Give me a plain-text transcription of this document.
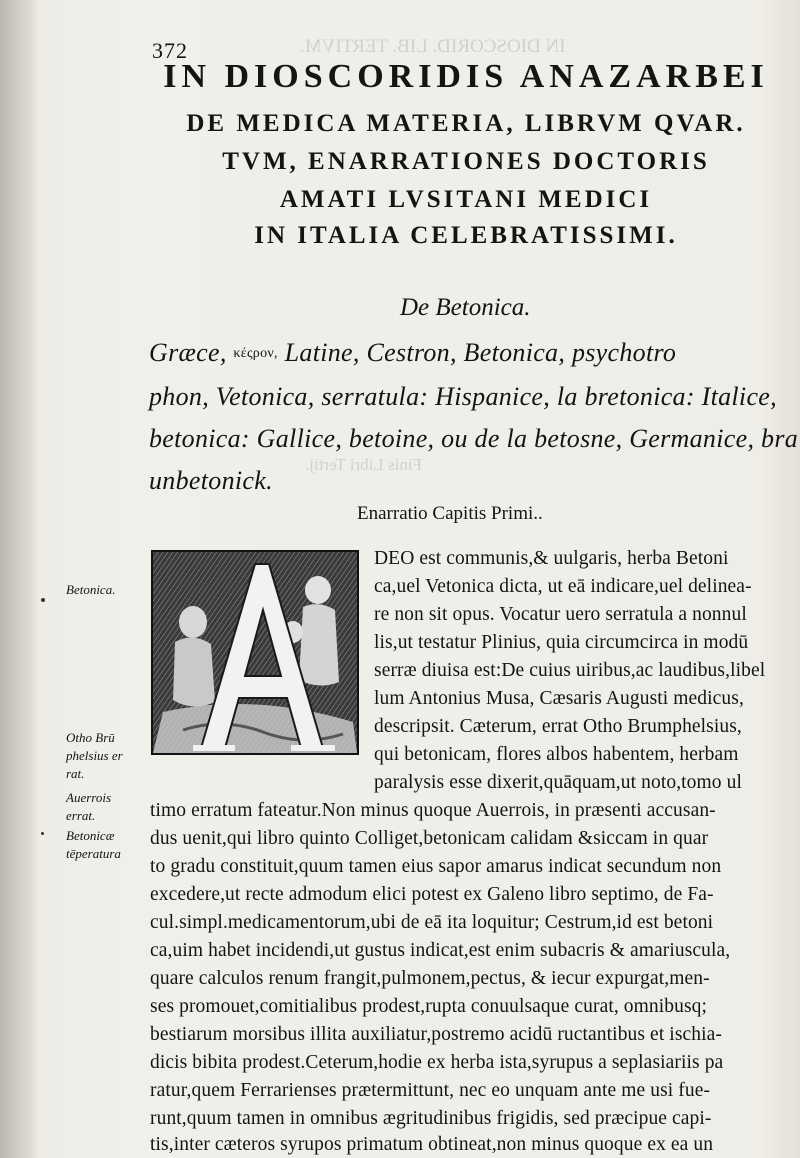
IN DIOSCORID. LIB. TERTIVM.
Finis Libri Tertij.
372
IN DIOSCORIDIS ANAZARBEI
DE MEDICA MATERIA, LIBRVM QVAR.
TVM, ENARRATIONES DOCTORIS
AMATI LVSITANI MEDICI
IN ITALIA CELEBRATISSIMI.
De Betonica.
Græce, κέςρον, Latine, Cestron, Betonica, psychotro
phon, Vetonica, serratula: Hispanice, la bretonica: Italice,
betonica: Gallice, betoine, ou de la betosne, Germanice, bra
unbetonick.
Enarratio Capitis Primi..
DEO est communis,& uulgaris, herba Betoni
ca,uel Vetonica dicta, ut eā indicare,uel delinea-
re non sit opus. Vocatur uero serratula a nonnul
lis,ut testatur Plinius, quia circumcirca in modū
serræ diuisa est:De cuius uiribus,ac laudibus,libel
lum Antonius Musa, Cæsaris Augusti medicus,
descripsit. Cæterum, errat Otho Brumphelsius,
qui betonicam, flores albos habentem, herbam
paralysis esse dixerit,quāquam,ut noto,tomo ul
timo erratum fateatur.Non minus quoque Auerrois, in præsenti accusan-
dus uenit,qui libro quinto Colliget,betonicam calidam &siccam in quar
to gradu constituit,quum tamen eius sapor amarus indicat secundum non
excedere,ut recte admodum elici potest ex Galeno libro septimo, de Fa-
cul.simpl.medicamentorum,ubi de eā ita loquitur; Cestrum,id est betoni
ca,uim habet incidendi,ut gustus indicat,est enim subacris & amariuscula,
quare calculos renum frangit,pulmonem,pectus, & iecur expurgat,men-
ses promouet,comitialibus prodest,rupta conuulsaque curat, omnibusq;
bestiarum morsibus illita auxiliatur,postremo acidū ructantibus et ischia-
dicis bibita prodest.Ceterum,hodie ex herba ista,syrupus a seplasiariis pa
ratur,quem Ferrarienses prætermittunt, nec eo unquam ante me usi fue-
runt,quum tamen in omnibus ægritudinibus frigidis, sed præcipue capi-
tis,inter cæteros syrupos primatum obtineat,non minus quoque ex ea un
Betonica.
Otho Brū
phelsius er
rat.
Auerrois
errat.
Betonicæ
tēperatura
